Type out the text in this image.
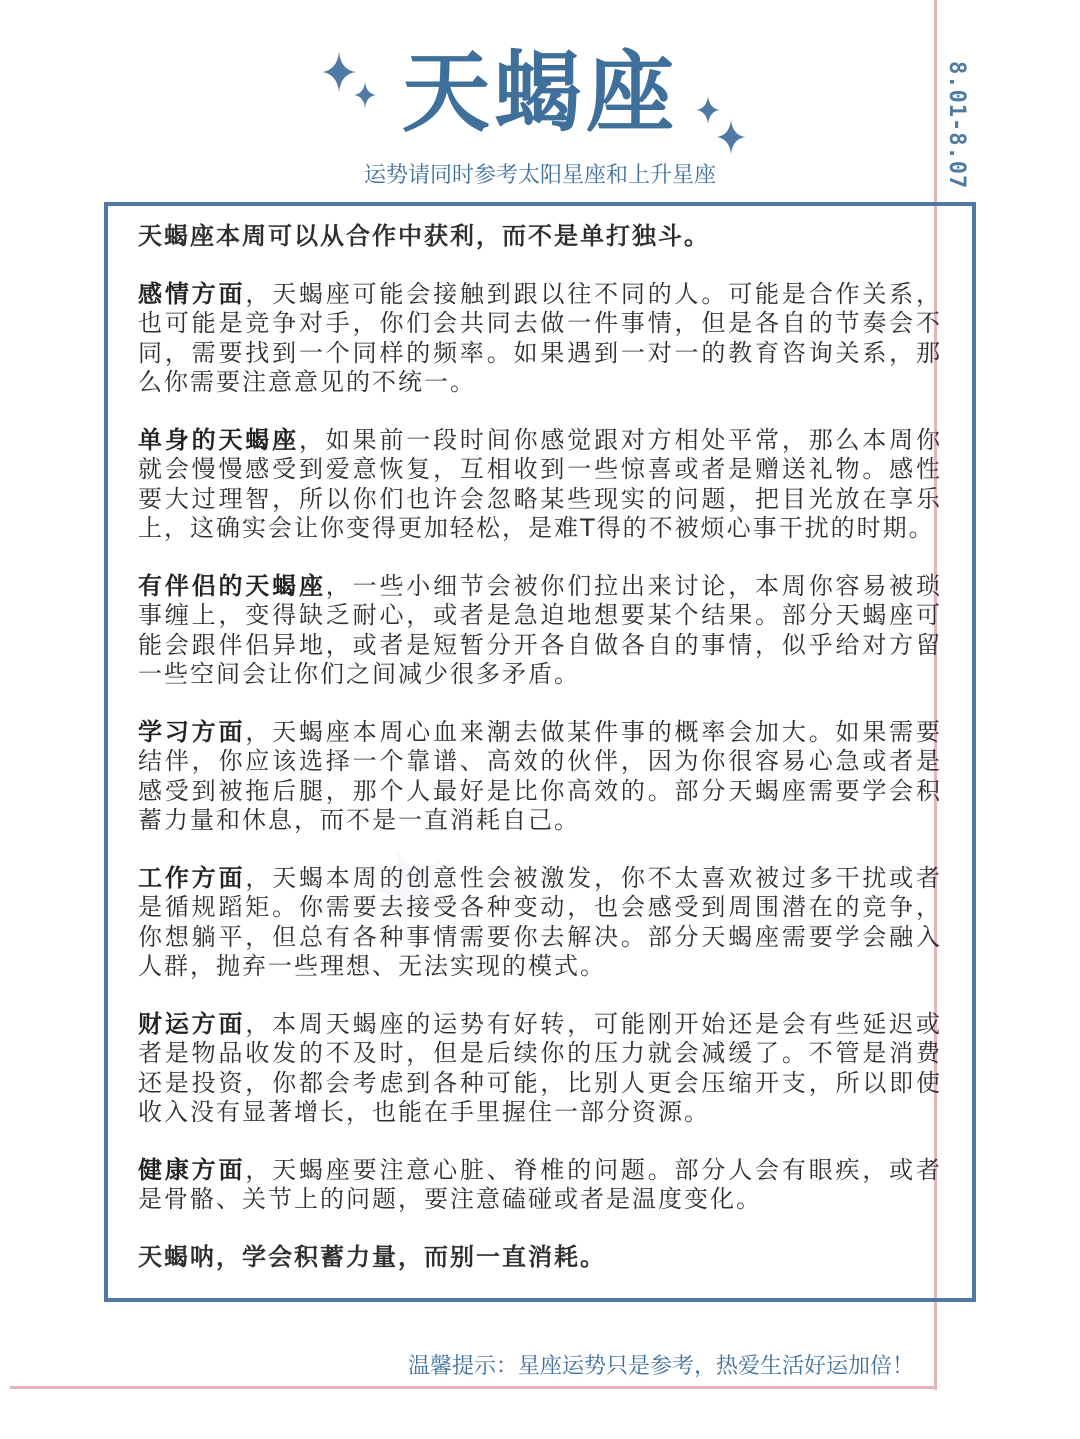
天蝎座
运势请同时参考太阳星座和上升星座	8.01-8.07
★

天蝎座本周可以从合作中获利，而不是单打独斗。

感情方面，天蝎座可能会接触到跟以往不同的人。可能是合作关系，也可能是竞争对手，你们会共同去做一件事情，但是各自的节奏会不同，需要找到一个同样的频率。如果遇到一对一的教育咨询关系，那么你需要注意意见的不统一。

单身的天蝎座，如果前一段时间你感觉跟对方相处平常，那么本周你就会慢慢感受到爱意恢复，互相收到一些惊喜或者是赠送礼物。感性要大过理智，所以你们也许会忽略某些现实的问题，把目光放在享乐上，这确实会让你变得更加轻松，是难T得的不被烦心事干扰的时期。

有伴侣的天蝎座，一些小细节会被你们拉出来讨论，本周你容易被琐事缠上，变得缺乏耐心，或者是急迫地想要某个结果。部分天蝎座可能会跟伴侣异地，或者是短暂分开各自做各自的事情，似乎给对方留一些空间会让你们之间减少很多矛盾。

学习方面，天蝎座本周心血来潮去做某件事的概率会加大。如果需要结伴，你应该选择一个靠谱、高效的伙伴，因为你很容易心急或者是感受到被拖后腿，那个人最好是比你高效的。部分天蝎座需要学会积蓄力量和休息，而不是一直消耗自己。

工作方面，天蝎本周的创意性会被激发，你不太喜欢被过多干扰或者是循规蹈矩。你需要去接受各种变动，也会感受到周围潜在的竞争，你想躺平，但总有各种事情需要你去解决。部分天蝎座需要学会融入人群，抛弃一些理想、无法实现的模式。

财运方面，本周天蝎座的运势有好转，可能刚开始还是会有些延迟或者是物品收发的不及时，但是后续你的压力就会减缓了。不管是消费还是投资，你都会考虑到各种可能，比别人更会压缩开支，所以即使收入没有显著增长，也能在手里握住一部分资源。

健康方面，天蝎座要注意心脏、脊椎的问题。部分人会有眼疾，或者是骨骼、关节上的问题，要注意磕碰或者是温度变化。

天蝎呐，学会积蓄力量，而别一直消耗。

温馨提示：星座运势只是参考，热爱生活好运加倍！
